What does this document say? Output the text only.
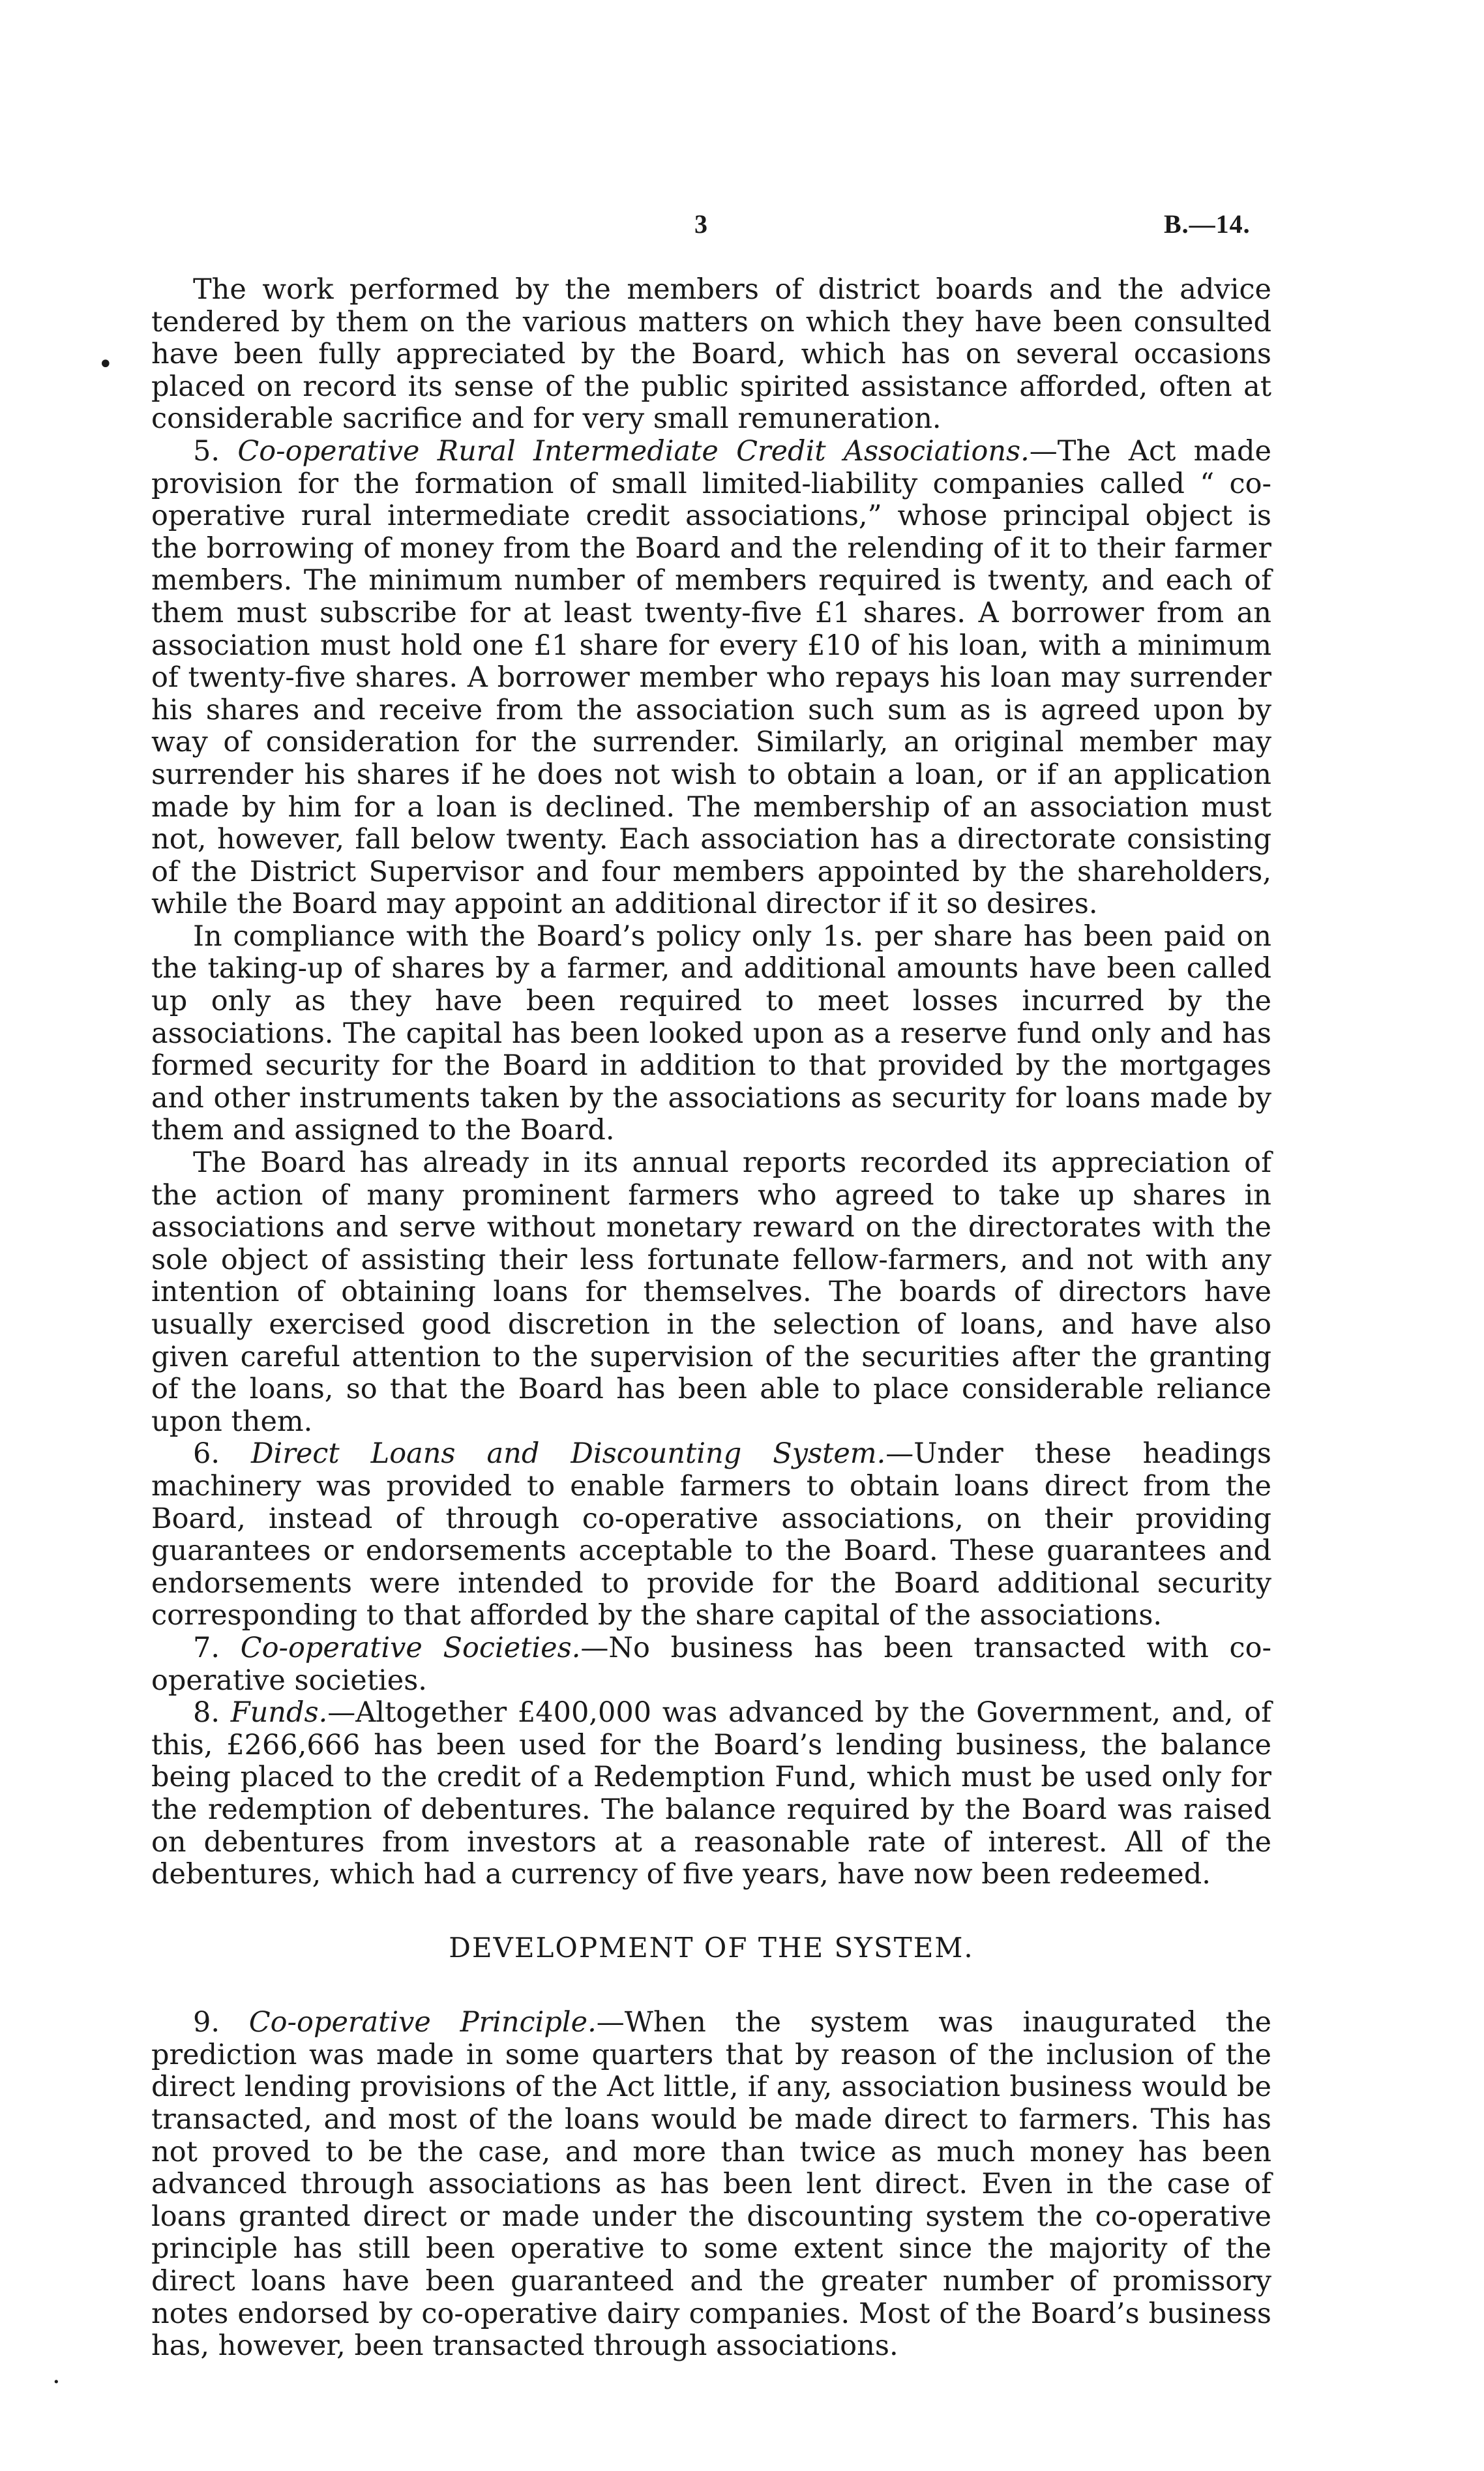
3	B.—14.
•
·

The work performed by the members of district boards and the advice tendered by them on the various matters on which they have been consulted have been fully appreciated by the Board, which has on several occasions placed on record its sense of the public spirited assistance afforded, often at considerable sacrifice and for very small remuneration.

5. Co-operative Rural Intermediate Credit Associations.—The Act made provision for the formation of small limited-liability companies called “ co-operative rural intermediate credit associations,” whose principal object is the borrowing of money from the Board and the relending of it to their farmer members. The minimum number of members required is twenty, and each of them must subscribe for at least twenty-five £1 shares. A borrower from an association must hold one £1 share for every £10 of his loan, with a minimum of twenty-five shares. A borrower member who repays his loan may surrender his shares and receive from the association such sum as is agreed upon by way of consideration for the surrender. Similarly, an original member may surrender his shares if he does not wish to obtain a loan, or if an application made by him for a loan is declined. The membership of an association must not, however, fall below twenty. Each association has a directorate consisting of the District Supervisor and four members appointed by the shareholders, while the Board may appoint an additional director if it so desires.

In compliance with the Board’s policy only 1s. per share has been paid on the taking-up of shares by a farmer, and additional amounts have been called up only as they have been required to meet losses incurred by the associations. The capital has been looked upon as a reserve fund only and has formed security for the Board in addition to that provided by the mortgages and other instruments taken by the associations as security for loans made by them and assigned to the Board.

The Board has already in its annual reports recorded its appreciation of the action of many prominent farmers who agreed to take up shares in associations and serve without monetary reward on the directorates with the sole object of assisting their less fortunate fellow-farmers, and not with any intention of obtaining loans for themselves. The boards of directors have usually exercised good discretion in the selection of loans, and have also given careful attention to the supervision of the securities after the granting of the loans, so that the Board has been able to place considerable reliance upon them.

6. Direct Loans and Discounting System.—Under these headings machinery was provided to enable farmers to obtain loans direct from the Board, instead of through co-operative associations, on their providing guarantees or endorsements acceptable to the Board. These guarantees and endorsements were intended to provide for the Board additional security corresponding to that afforded by the share capital of the associations.

7. Co-operative Societies.—No business has been transacted with co-operative societies.

8. Funds.—Altogether £400,000 was advanced by the Government, and, of this, £266,666 has been used for the Board’s lending business, the balance being placed to the credit of a Redemption Fund, which must be used only for the redemption of debentures. The balance required by the Board was raised on debentures from investors at a reasonable rate of interest. All of the debentures, which had a currency of five years, have now been redeemed.

DEVELOPMENT OF THE SYSTEM.

9. Co-operative Principle.—When the system was inaugurated the prediction was made in some quarters that by reason of the inclusion of the direct lending provisions of the Act little, if any, association business would be transacted, and most of the loans would be made direct to farmers. This has not proved to be the case, and more than twice as much money has been advanced through associations as has been lent direct. Even in the case of loans granted direct or made under the discounting system the co-operative principle has still been operative to some extent since the majority of the direct loans have been guaranteed and the greater number of promissory notes endorsed by co-operative dairy companies. Most of the Board’s business has, however, been transacted through associations.
